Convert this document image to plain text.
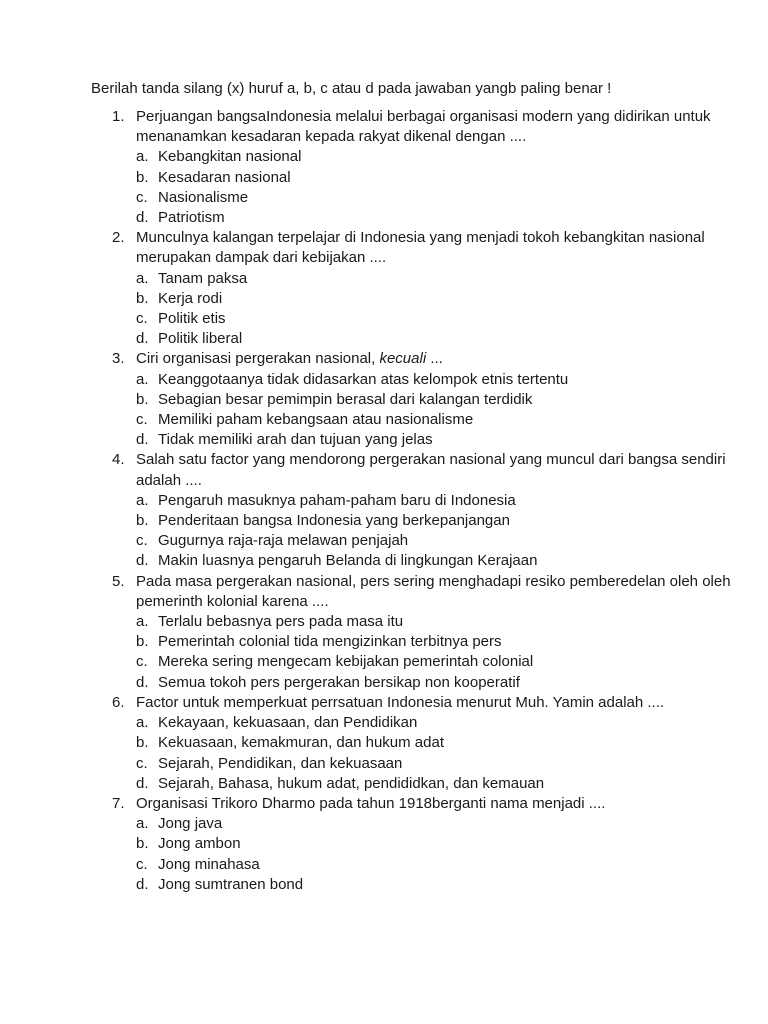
Berilah tanda silang (x) huruf a, b, c atau d pada jawaban yangb paling benar !
1. Perjuangan bangsaIndonesia melalui berbagai organisasi modern yang didirikan untuk menanamkan kesadaran kepada rakyat dikenal dengan ....
a. Kebangkitan nasional
b. Kesadaran nasional
c. Nasionalisme
d. Patriotism
2. Munculnya kalangan terpelajar di Indonesia yang menjadi tokoh kebangkitan nasional merupakan dampak dari kebijakan ....
a. Tanam paksa
b. Kerja rodi
c. Politik etis
d. Politik liberal
3. Ciri organisasi pergerakan nasional, kecuali ...
a. Keanggotaanya tidak didasarkan atas kelompok etnis tertentu
b. Sebagian besar pemimpin berasal dari kalangan terdidik
c. Memiliki paham kebangsaan atau nasionalisme
d. Tidak memiliki arah dan tujuan yang jelas
4. Salah satu factor yang mendorong pergerakan nasional yang muncul dari bangsa sendiri adalah ....
a. Pengaruh masuknya paham-paham baru di Indonesia
b. Penderitaan bangsa Indonesia yang berkepanjangan
c. Gugurnya raja-raja melawan penjajah
d. Makin luasnya pengaruh Belanda di lingkungan Kerajaan
5. Pada masa pergerakan nasional, pers sering menghadapi resiko pemberedelan oleh oleh pemerinth kolonial karena ....
a. Terlalu bebasnya pers pada masa itu
b. Pemerintah colonial tida mengizinkan terbitnya pers
c. Mereka sering mengecam kebijakan pemerintah colonial
d. Semua tokoh pers pergerakan bersikap non kooperatif
6. Factor untuk memperkuat perrsatuan Indonesia menurut Muh. Yamin adalah ....
a. Kekayaan, kekuasaan, dan Pendidikan
b. Kekuasaan, kemakmuran, dan hukum adat
c. Sejarah, Pendidikan, dan kekuasaan
d. Sejarah, Bahasa, hukum adat, pendididkan, dan kemauan
7. Organisasi Trikoro Dharmo pada tahun 1918berganti nama menjadi ....
a. Jong java
b. Jong ambon
c. Jong minahasa
d. Jong sumtranen bond
